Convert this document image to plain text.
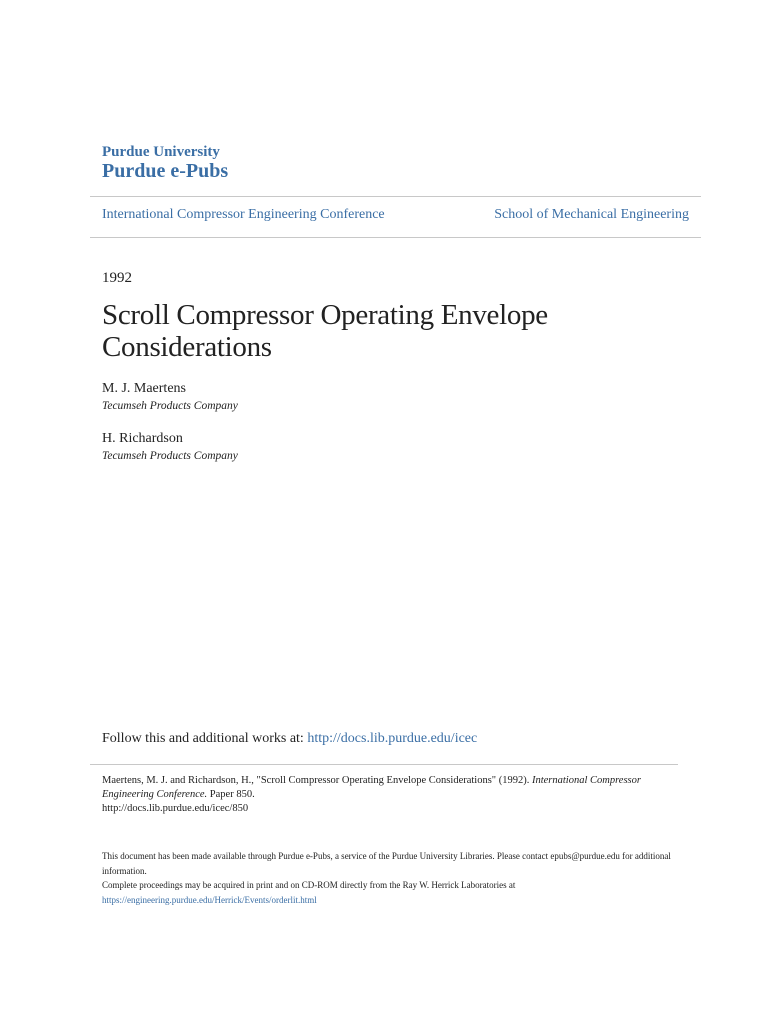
Purdue University
Purdue e-Pubs
International Compressor Engineering Conference	School of Mechanical Engineering
1992
Scroll Compressor Operating Envelope
Considerations
M. J. Maertens
Tecumseh Products Company
H. Richardson
Tecumseh Products Company
Follow this and additional works at: http://docs.lib.purdue.edu/icec
Maertens, M. J. and Richardson, H., "Scroll Compressor Operating Envelope Considerations" (1992). International Compressor Engineering Conference. Paper 850.
http://docs.lib.purdue.edu/icec/850
This document has been made available through Purdue e-Pubs, a service of the Purdue University Libraries. Please contact epubs@purdue.edu for additional information.
Complete proceedings may be acquired in print and on CD-ROM directly from the Ray W. Herrick Laboratories at https://engineering.purdue.edu/Herrick/Events/orderlit.html
